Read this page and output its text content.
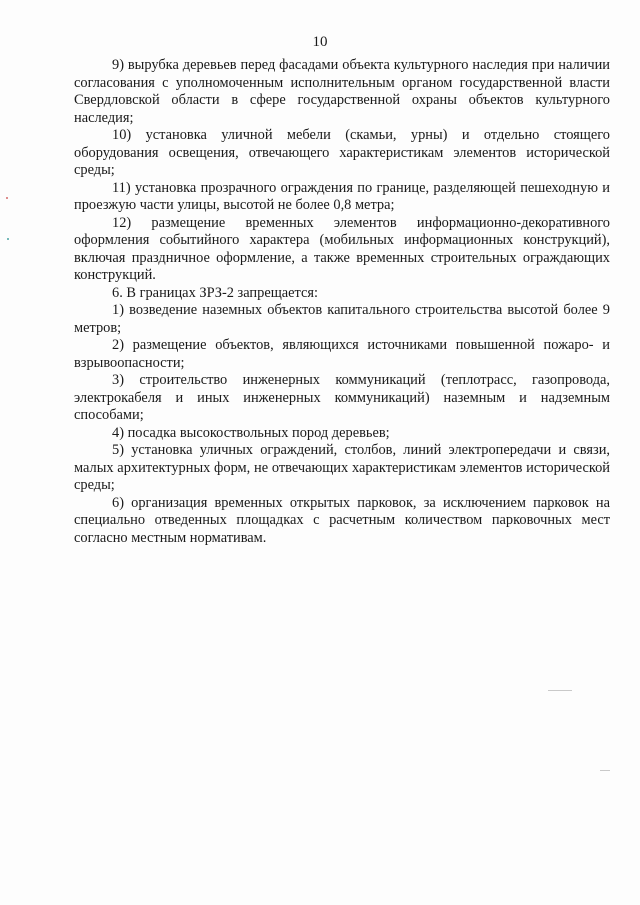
10

9) вырубка деревьев перед фасадами объекта культурного наследия при наличии согласования с уполномоченным исполнительным органом государственной власти Свердловской области в сфере государственной охраны объектов культурного наследия;

10) установка уличной мебели (скамьи, урны) и отдельно стоящего оборудования освещения, отвечающего характеристикам элементов исторической среды;

11) установка прозрачного ограждения по границе, разделяющей пешеходную и проезжую части улицы, высотой не более 0,8 метра;

12) размещение временных элементов информационно-декоративного оформления событийного характера (мобильных информационных конструкций), включая праздничное оформление, а также временных строительных ограждающих конструкций.

6. В границах ЗРЗ-2 запрещается:

1) возведение наземных объектов капитального строительства высотой более 9 метров;

2) размещение объектов, являющихся источниками повышенной пожаро- и взрывоопасности;

3) строительство инженерных коммуникаций (теплотрасс, газопровода, электрокабеля и иных инженерных коммуникаций) наземным и надземным способами;

4) посадка высокоствольных пород деревьев;

5) установка уличных ограждений, столбов, линий электропередачи и связи, малых архитектурных форм, не отвечающих характеристикам элементов исторической среды;

6) организация временных открытых парковок, за исключением парковок на специально отведенных площадках с расчетным количеством парковочных мест согласно местным нормативам.
